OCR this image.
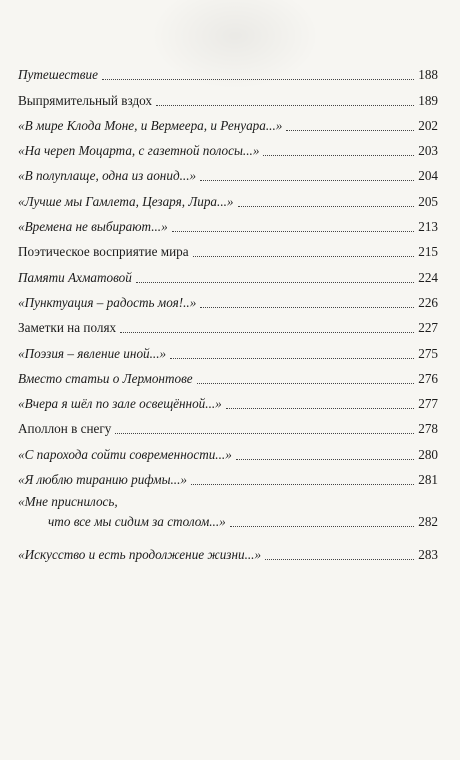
Путешествие	188
Выпрямительный вздох	189
«В мире Клода Моне, и Вермеера, и Ренуара...»	202
«На череп Моцарта, с газетной полосы...»	203
«В полуплаще, одна из аонид...»	204
«Лучше мы Гамлета, Цезаря, Лира...»	205
«Времена не выбирают...»	213
Поэтическое восприятие мира	215
Памяти Ахматовой	224
«Пунктуация – радость моя!..»	226
Заметки на полях	227
«Поэзия – явление иной...»	275
Вместо статьи о Лермонтове	276
«Вчера я шёл по зале освещённой...»	277
Аполлон в снегу	278
«С парохода сойти современности...»	280
«Я люблю тиранию рифмы...»	281
«Мне приснилось,
что все мы сидим за столом...»	282
«Искусство и есть продолжение жизни...»	283
